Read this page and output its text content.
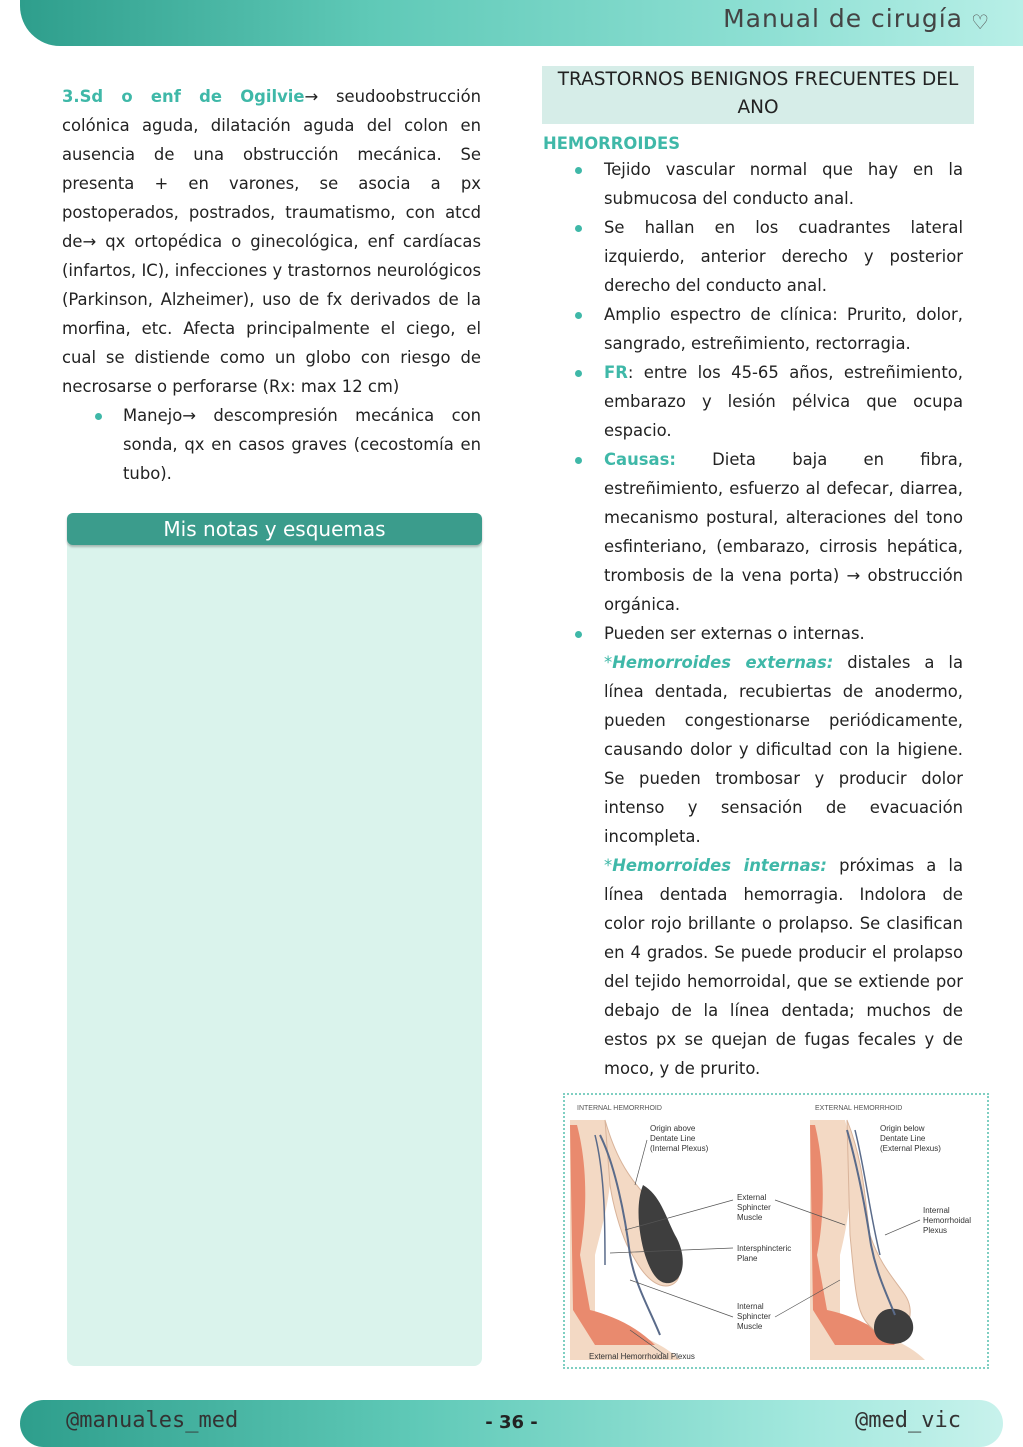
Manual de cirugía ♡
3.Sd o enf de Ogilvie→ seudoobstrucción colónica aguda, dilatación aguda del colon en ausencia de una obstrucción mecánica. Se presenta + en varones, se asocia a px postoperados, postrados, traumatismo, con atcd de→ qx ortopédica o ginecológica, enf cardíacas (infartos, IC), infecciones y trastornos neurológicos (Parkinson, Alzheimer), uso de fx derivados de la morfina, etc. Afecta principalmente el ciego, el cual se distiende como un globo con riesgo de necrosarse o perforarse (Rx: max 12 cm)
Manejo→ descompresión mecánica con sonda, qx en casos graves (cecostomía en tubo).
Mis notas y esquemas
TRASTORNOS BENIGNOS FRECUENTES DEL ANO
HEMORROIDES
Tejido vascular normal que hay en la submucosa del conducto anal.
Se hallan en los cuadrantes lateral izquierdo, anterior derecho y posterior derecho del conducto anal.
Amplio espectro de clínica: Prurito, dolor, sangrado, estreñimiento, rectorragia.
FR: entre los 45-65 años, estreñimiento, embarazo y lesión pélvica que ocupa espacio.
Causas: Dieta baja en fibra, estreñimiento, esfuerzo al defecar, diarrea, mecanismo postural, alteraciones del tono esfinteriano, (embarazo, cirrosis hepática, trombosis de la vena porta) → obstrucción orgánica.
Pueden ser externas o internas.
*Hemorroides externas: distales a la línea dentada, recubiertas de anodermo, pueden congestionarse periódicamente, causando dolor y dificultad con la higiene. Se pueden trombosar y producir dolor intenso y sensación de evacuación incompleta.
*Hemorroides internas: próximas a la línea dentada hemorragia. Indolora de color rojo brillante o prolapso. Se clasifican en 4 grados. Se puede producir el prolapso del tejido hemorroidal, que se extiende por debajo de la línea dentada; muchos de estos px se quejan de fugas fecales y de moco, y de prurito.
INTERNAL HEMORRHOID	EXTERNAL HEMORRHOID
Origin above Dentate Line (Internal Plexus)
Origin below Dentate Line (External Plexus)
External Sphincter Muscle
Intersphincteric Plane
Internal Sphincter Muscle
Internal Hemorrhoidal Plexus
External Hemorrhoidal Plexus
@manuales_med	- 36 -	@med_vic
